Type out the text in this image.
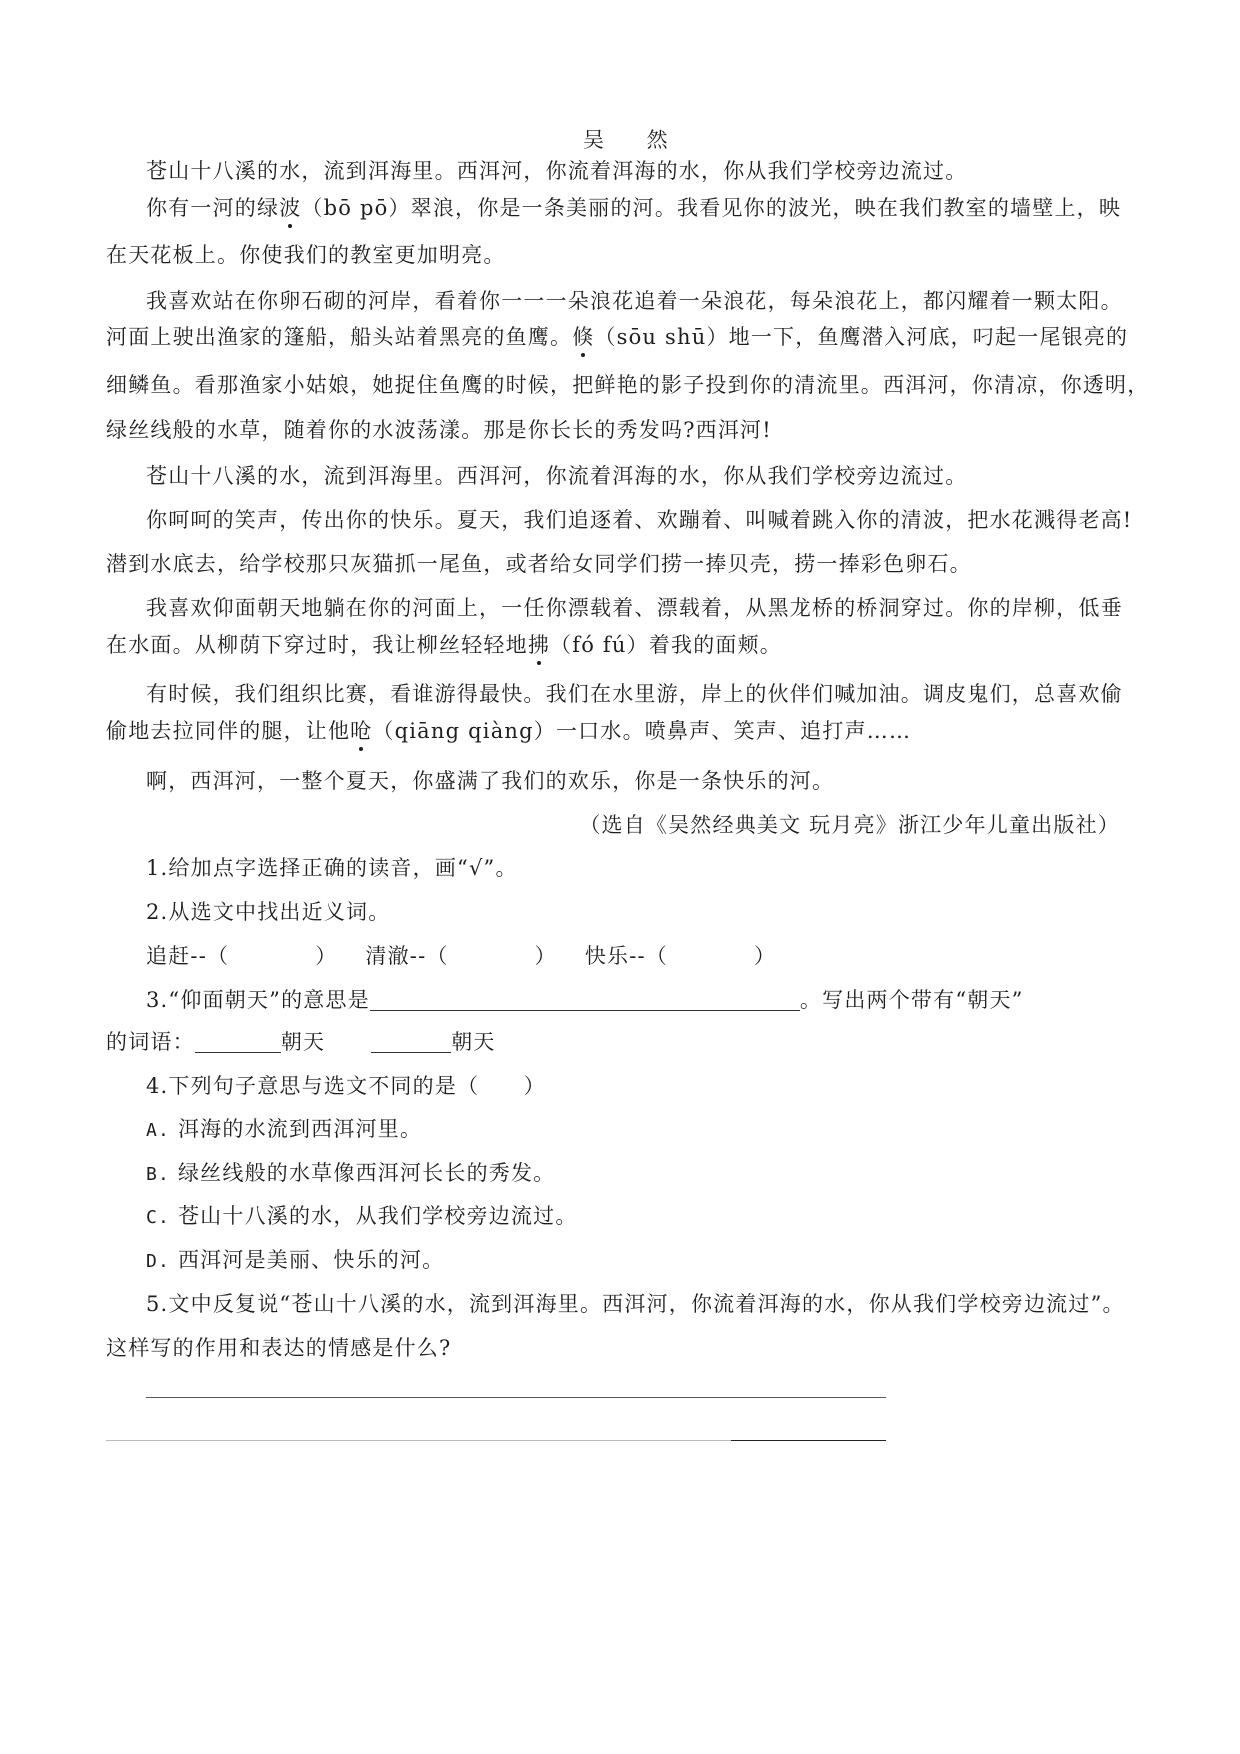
吴 然
苍山十八溪的水，流到洱海里。西洱河，你流着洱海的水，你从我们学校旁边流过。
你有一河的绿波（bō pō）翠浪，你是一条美丽的河。我看见你的波光，映在我们教室的墙壁上，映
在天花板上。你使我们的教室更加明亮。
我喜欢站在你卵石砌的河岸，看着你一一一朵浪花追着一朵浪花，每朵浪花上，都闪耀着一颗太阳。
河面上驶出渔家的篷船，船头站着黑亮的鱼鹰。倏（sōu shū）地一下，鱼鹰潜入河底，叼起一尾银亮的
细鳞鱼。看那渔家小姑娘，她捉住鱼鹰的时候，把鲜艳的影子投到你的清流里。西洱河，你清凉，你透明，
绿丝线般的水草，随着你的水波荡漾。那是你长长的秀发吗?西洱河!
苍山十八溪的水，流到洱海里。西洱河，你流着洱海的水，你从我们学校旁边流过。
你呵呵的笑声，传出你的快乐。夏天，我们追逐着、欢蹦着、叫喊着跳入你的清波，把水花溅得老高!
潜到水底去，给学校那只灰猫抓一尾鱼，或者给女同学们捞一捧贝壳，捞一捧彩色卵石。
我喜欢仰面朝天地躺在你的河面上，一任你漂载着、漂载着，从黑龙桥的桥洞穿过。你的岸柳，低垂
在水面。从柳荫下穿过时，我让柳丝轻轻地拂（fó fú）着我的面颊。
有时候，我们组织比赛，看谁游得最快。我们在水里游，岸上的伙伴们喊加油。调皮鬼们，总喜欢偷
偷地去拉同伴的腿，让他呛（qiāng qiàng）一口水。喷鼻声、笑声、追打声……
啊，西洱河，一整个夏天，你盛满了我们的欢乐，你是一条快乐的河。
（选自《吴然经典美文 玩月亮》浙江少年儿童出版社）
1.给加点字选择正确的读音，画“√”。
2.从选文中找出近义词。
追赶--（	） 清澈--（	） 快乐--（	）
3.“仰面朝天”的意思是	。写出两个带有“朝天”
的词语：	朝天	朝天
4.下列句子意思与选文不同的是（　　）
A. 洱海的水流到西洱河里。
B. 绿丝线般的水草像西洱河长长的秀发。
C. 苍山十八溪的水，从我们学校旁边流过。
D. 西洱河是美丽、快乐的河。
5.文中反复说“苍山十八溪的水，流到洱海里。西洱河，你流着洱海的水，你从我们学校旁边流过”。
这样写的作用和表达的情感是什么?
